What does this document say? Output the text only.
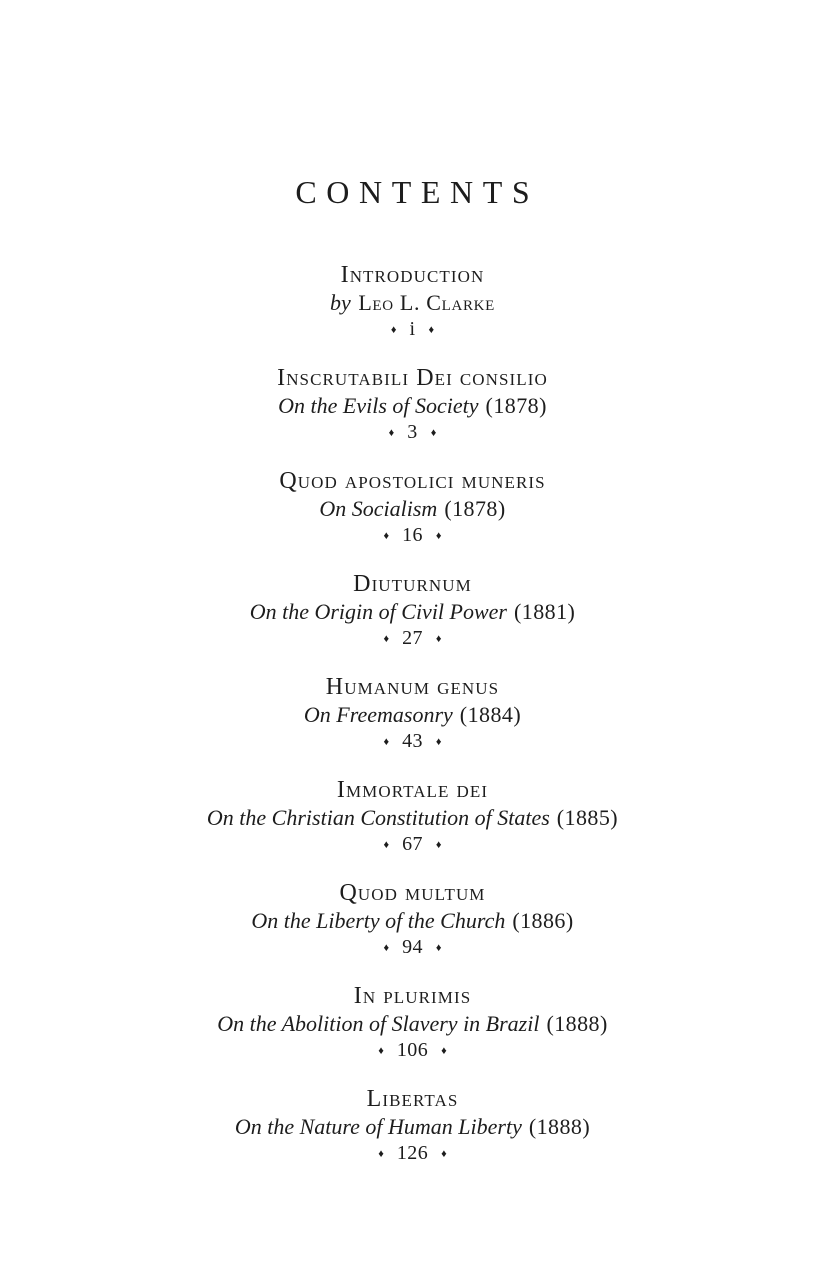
CONTENTS
Introduction
by Leo L. Clarke
♦ i ♦
Inscrutabili Dei consilio
On the Evils of Society (1878)
♦ 3 ♦
Quod apostolici muneris
On Socialism (1878)
♦ 16 ♦
Diuturnum
On the Origin of Civil Power (1881)
♦ 27 ♦
Humanum genus
On Freemasonry (1884)
♦ 43 ♦
Immortale dei
On the Christian Constitution of States (1885)
♦ 67 ♦
Quod multum
On the Liberty of the Church (1886)
♦ 94 ♦
In plurimis
On the Abolition of Slavery in Brazil (1888)
♦ 106 ♦
Libertas
On the Nature of Human Liberty (1888)
♦ 126 ♦
